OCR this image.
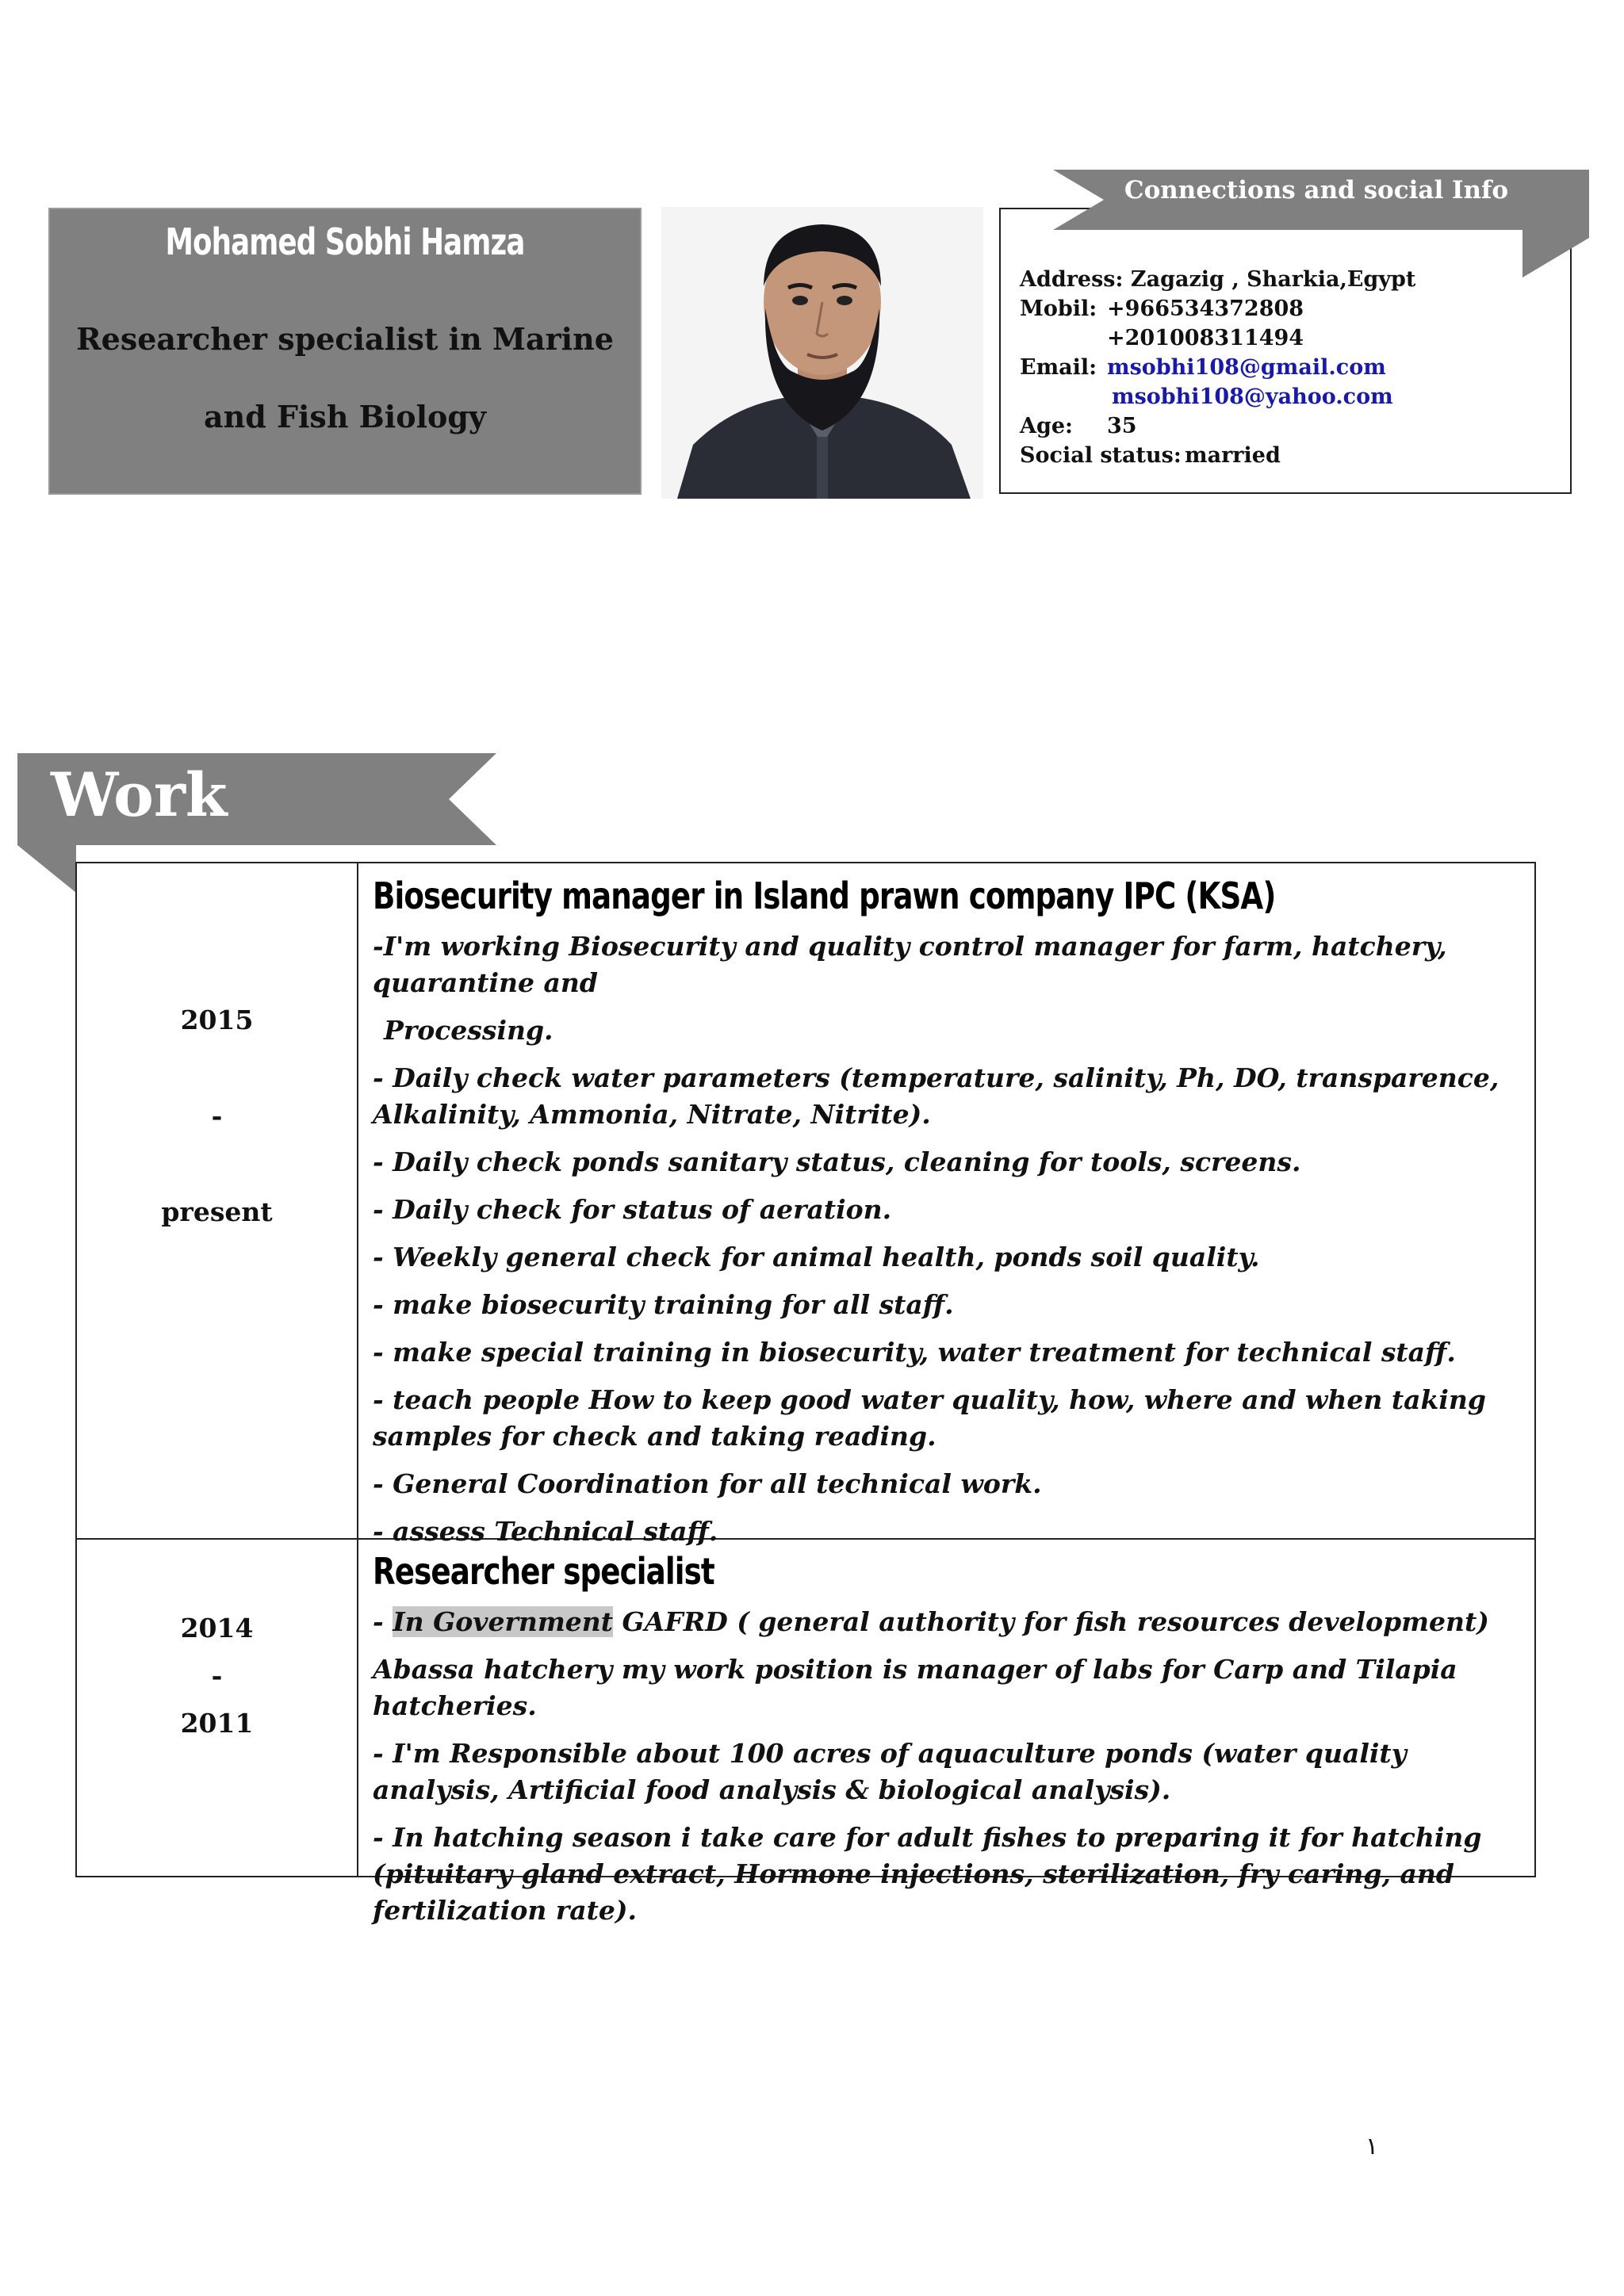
Mohamed Sobhi Hamza
Researcher specialist in Marine
and Fish Biology
Connections and social Info
Address: Zagazig , Sharkia,Egypt
Mobil: +966534372808
+201008311494
Email: msobhi108@gmail.com
msobhi108@yahoo.com
Age: 35
Social status: married
Work
2015
-
present
Biosecurity manager in Island prawn company IPC (KSA)
-I'm working Biosecurity and quality control manager for farm, hatchery, quarantine and
Processing.
- Daily check water parameters (temperature, salinity, Ph, DO, transparence, Alkalinity, Ammonia, Nitrate, Nitrite).
- Daily check ponds sanitary status, cleaning for tools, screens.
- Daily check for status of aeration.
- Weekly general check for animal health, ponds soil quality.
- make biosecurity training for all staff.
- make special training in biosecurity, water treatment for technical staff.
- teach people How to keep good water quality, how, where and when taking samples for check and taking reading.
- General Coordination for all technical work.
- assess Technical staff.
2014
-
2011
Researcher specialist
- In Government GAFRD ( general authority for fish resources development)
Abassa hatchery my work position is manager of labs for Carp and Tilapia hatcheries.
- I'm Responsible about 100 acres of aquaculture ponds (water quality analysis, Artificial food analysis & biological analysis).
- In hatching season i take care for adult fishes to preparing it for hatching (pituitary gland extract, Hormone injections, sterilization, fry caring, and fertilization rate).
١
